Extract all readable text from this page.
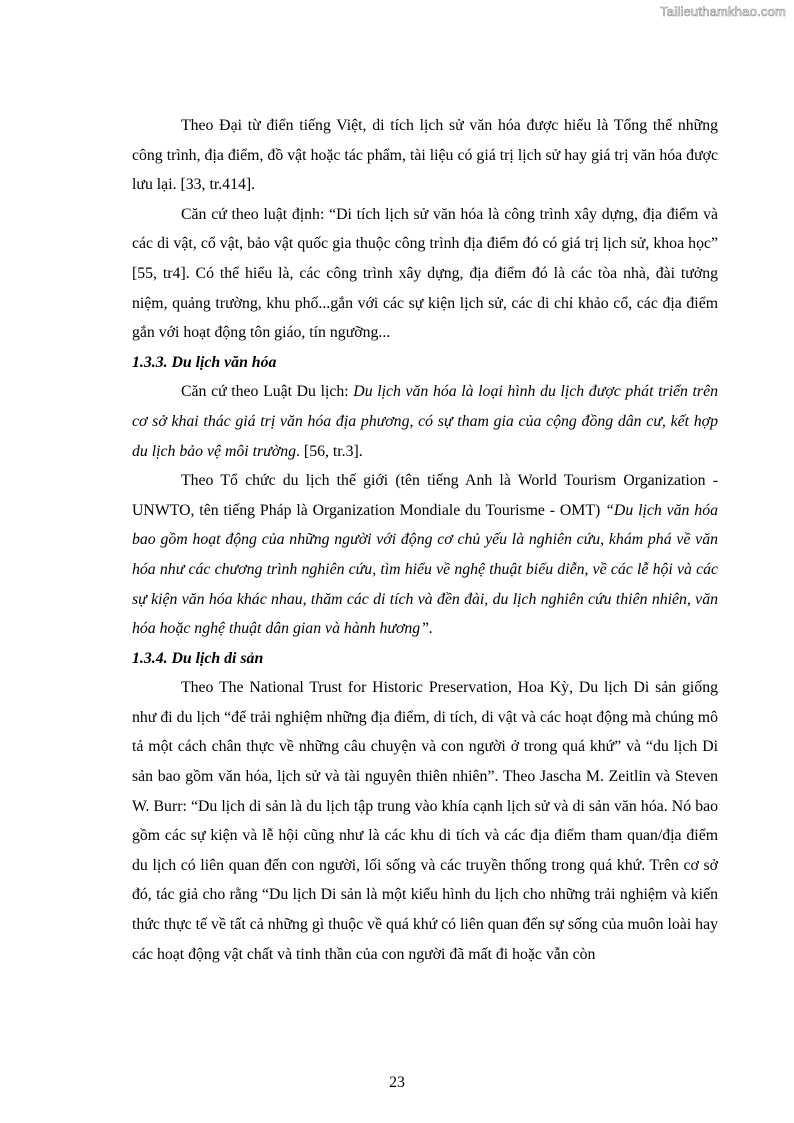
Tailieuthamkhao.com

Theo Đại từ điển tiếng Việt, di tích lịch sử văn hóa được hiểu là Tổng thể những công trình, địa điểm, đồ vật hoặc tác phẩm, tài liệu có giá trị lịch sử hay giá trị văn hóa được lưu lại. [33, tr.414].

Căn cứ theo luật định: “Di tích lịch sử văn hóa là công trình xây dựng, địa điểm và các di vật, cổ vật, bảo vật quốc gia thuộc công trình địa điểm đó có giá trị lịch sử, khoa học” [55, tr4]. Có thể hiểu là, các công trình xây dựng, địa điểm đó là các tòa nhà, đài tưởng niệm, quảng trường, khu phố...gắn với các sự kiện lịch sử, các di chỉ khảo cổ, các địa điểm gắn với hoạt động tôn giáo, tín ngưỡng...

1.3.3. Du lịch văn hóa

Căn cứ theo Luật Du lịch: Du lịch văn hóa là loại hình du lịch được phát triển trên cơ sở khai thác giá trị văn hóa địa phương, có sự tham gia của cộng đồng dân cư, kết hợp du lịch bảo vệ môi trường. [56, tr.3].

Theo Tổ chức du lịch thế giới (tên tiếng Anh là World Tourism Organization - UNWTO, tên tiếng Pháp là Organization Mondiale du Tourisme - OMT) “Du lịch văn hóa bao gồm hoạt động của những người với động cơ chủ yếu là nghiên cứu, khám phá về văn hóa như các chương trình nghiên cứu, tìm hiểu về nghệ thuật biểu diễn, về các lễ hội và các sự kiện văn hóa khác nhau, thăm các di tích và đền đài, du lịch nghiên cứu thiên nhiên, văn hóa hoặc nghệ thuật dân gian và hành hương”.

1.3.4. Du lịch di sản

Theo The National Trust for Historic Preservation, Hoa Kỳ, Du lịch Di sản giống như đi du lịch “để trải nghiệm những địa điểm, di tích, di vật và các hoạt động mà chúng mô tả một cách chân thực về những câu chuyện và con người ở trong quá khứ” và “du lịch Di sản bao gồm văn hóa, lịch sử và tài nguyên thiên nhiên”. Theo Jascha M. Zeitlin và Steven W. Burr: “Du lịch di sản là du lịch tập trung vào khía cạnh lịch sử và di sản văn hóa. Nó bao gồm các sự kiện và lễ hội cũng như là các khu di tích và các địa điểm tham quan/địa điểm du lịch có liên quan đến con người, lối sống và các truyền thống trong quá khứ. Trên cơ sở đó, tác giả cho rằng “Du lịch Di sản là một kiểu hình du lịch cho những trải nghiệm và kiến thức thực tế về tất cả những gì thuộc về quá khứ có liên quan đến sự sống của muôn loài hay các hoạt động vật chất và tinh thần của con người đã mất đi hoặc vẫn còn

23
